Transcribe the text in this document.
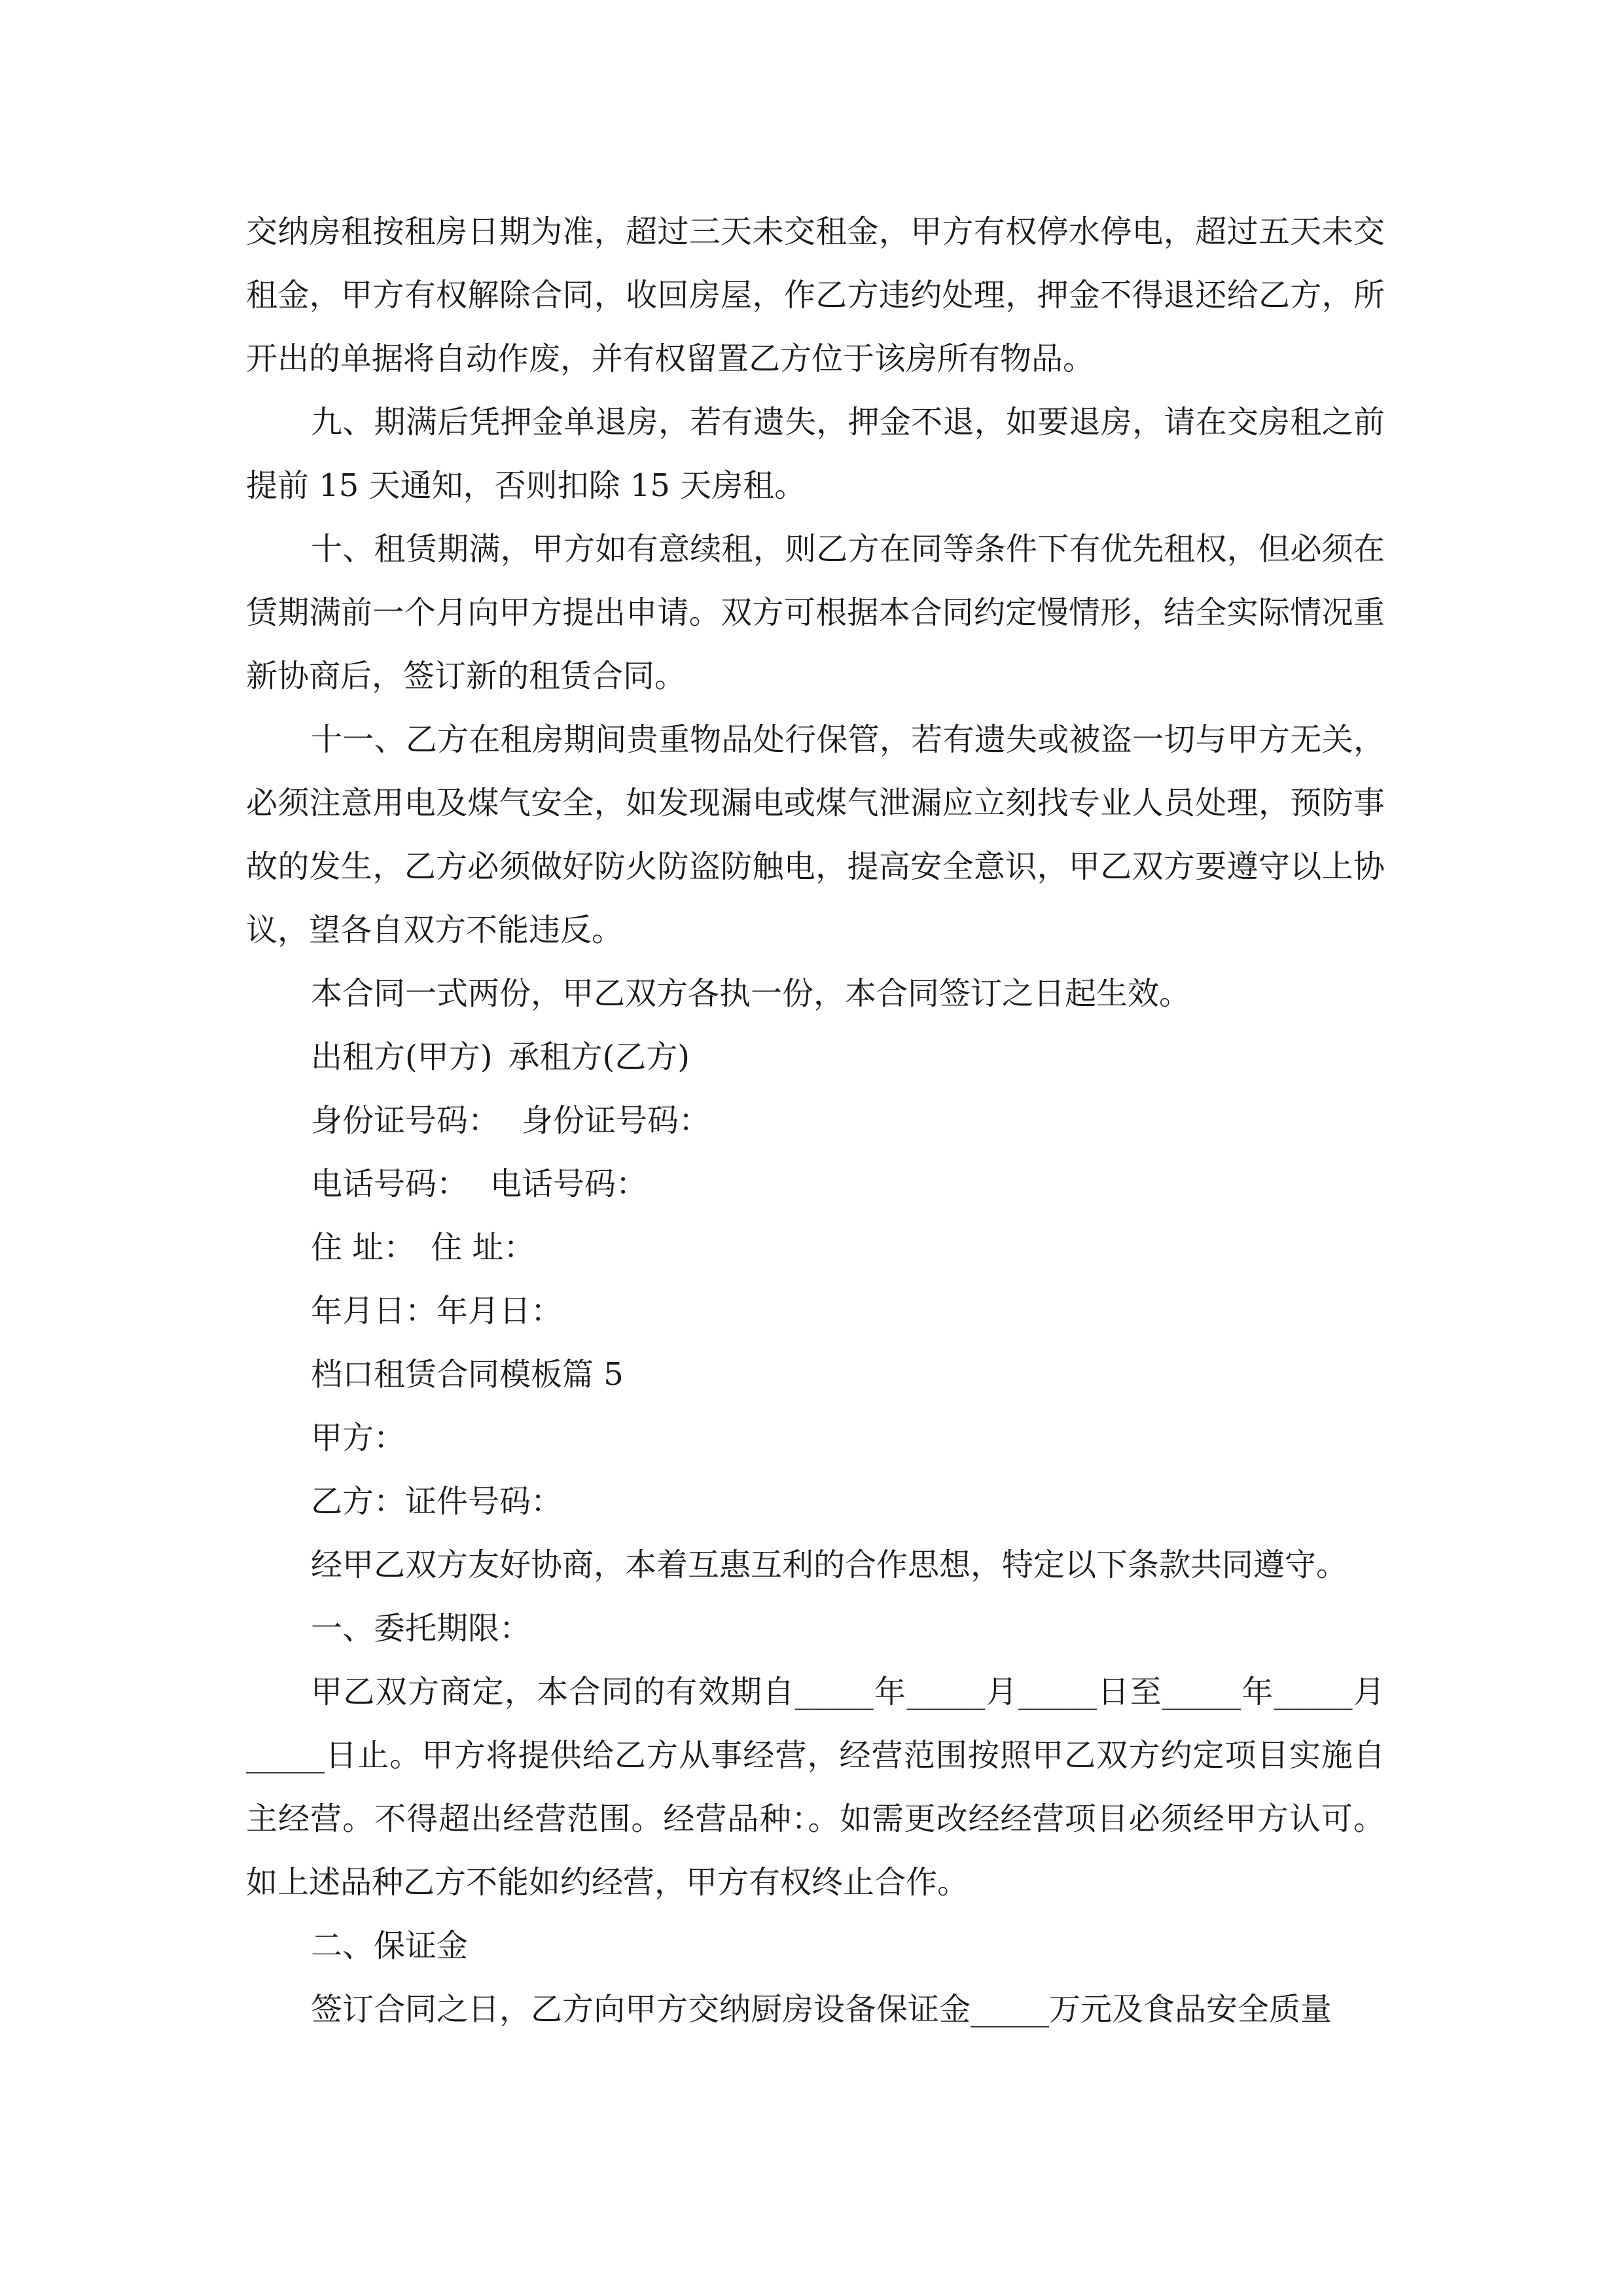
交纳房租按租房日期为准，超过三天未交租金，甲方有权停水停电，超过五天未交租金，甲方有权解除合同，收回房屋，作乙方违约处理，押金不得退还给乙方，所开出的单据将自动作废，并有权留置乙方位于该房所有物品。

九、期满后凭押金单退房，若有遗失，押金不退，如要退房，请在交房租之前提前 15 天通知，否则扣除 15 天房租。

十、租赁期满，甲方如有意续租，则乙方在同等条件下有优先租权，但必须在赁期满前一个月向甲方提出申请。双方可根据本合同约定慢情形，结全实际情况重新协商后，签订新的租赁合同。

十一、乙方在租房期间贵重物品处行保管，若有遗失或被盗一切与甲方无关，必须注意用电及煤气安全，如发现漏电或煤气泄漏应立刻找专业人员处理，预防事故的发生，乙方必须做好防火防盗防触电，提高安全意识，甲乙双方要遵守以上协议，望各自双方不能违反。

本合同一式两份，甲乙双方各执一份，本合同签订之日起生效。

出租方(甲方) 承租方(乙方)

身份证号码： 身份证号码：

电话号码： 电话号码：

住 址： 住 址：

年月日：年月日：

档口租赁合同模板篇 5

甲方：

乙方：证件号码：

经甲乙双方友好协商，本着互惠互利的合作思想，特定以下条款共同遵守。

一、委托期限：

甲乙双方商定，本合同的有效期自_____年_____月_____日至_____年_____月_____日止。甲方将提供给乙方从事经营，经营范围按照甲乙双方约定项目实施自主经营。不得超出经营范围。经营品种：。如需更改经经营项目必须经甲方认可。如上述品种乙方不能如约经营，甲方有权终止合作。

二、保证金

签订合同之日，乙方向甲方交纳厨房设备保证金_____万元及食品安全质量
